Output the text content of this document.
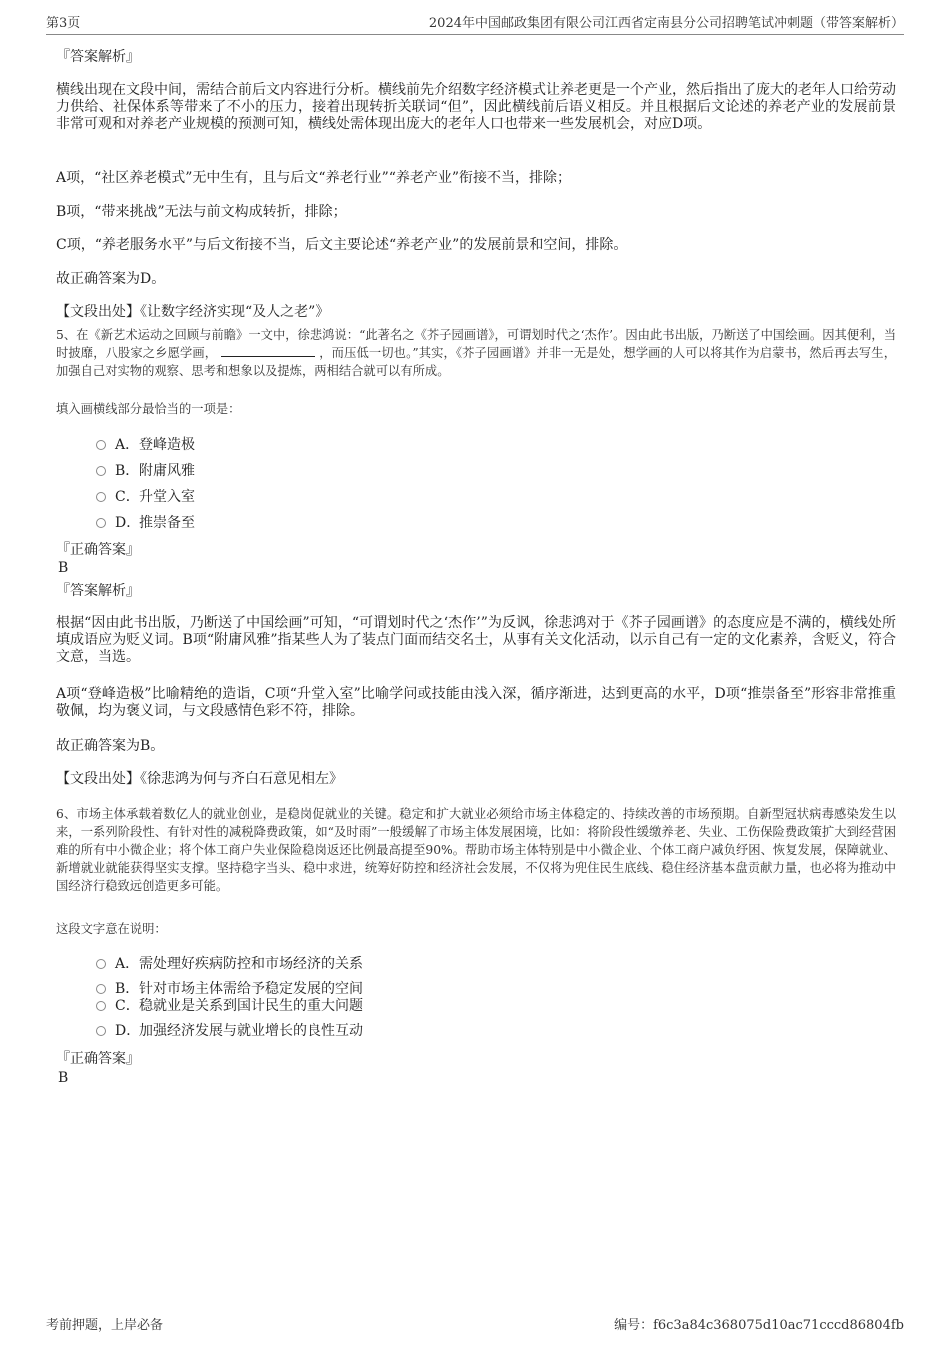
第3页	2024年中国邮政集团有限公司江西省定南县分公司招聘笔试冲刺题（带答案解析）
『答案解析』
横线出现在文段中间，需结合前后文内容进行分析。横线前先介绍数字经济模式让养老更是一个产业，然后指出了庞大的老年人口给劳动力供给、社保体系等带来了不小的压力，接着出现转折关联词“但”，因此横线前后语义相反。并且根据后文论述的养老产业的发展前景非常可观和对养老产业规模的预测可知，横线处需体现出庞大的老年人口也带来一些发展机会，对应D项。
A项，“社区养老模式”无中生有，且与后文“养老行业”“养老产业”衔接不当，排除；
B项，“带来挑战”无法与前文构成转折，排除；
C项，“养老服务水平”与后文衔接不当，后文主要论述“养老产业”的发展前景和空间，排除。
故正确答案为D。
【文段出处】《让数字经济实现“及人之老”》
5、在《新艺术运动之回顾与前瞻》一文中，徐悲鸿说：“此著名之《芥子园画谱》，可谓划时代之‘杰作’。因由此书出版，乃断送了中国绘画。因其便利，当时披靡，八股家之乡愿学画，	，而压低一切也。”其实，《芥子园画谱》并非一无是处，想学画的人可以将其作为启蒙书，然后再去写生，加强自己对实物的观察、思考和想象以及提炼，两相结合就可以有所成。
填入画横线部分最恰当的一项是：
A． 登峰造极
B． 附庸风雅
C． 升堂入室
D．
推崇备至
『正确答案』
B
『答案解析』
根据“因由此书出版，乃断送了中国绘画”可知，“可谓划时代之‘杰作’”为反讽，徐悲鸿对于《芥子园画谱》的态度应是不满的，横线处所填成语应为贬义词。B项“附庸风雅”指某些人为了装点门面而结交名士，从事有关文化活动，以示自己有一定的文化素养，含贬义，符合文意，当选。
A项“登峰造极”比喻精绝的造诣，C项“升堂入室”比喻学问或技能由浅入深，循序渐进，达到更高的水平，D项“推崇备至”形容非常推重敬佩，均为褒义词，与文段感情色彩不符，排除。
故正确答案为B。
【文段出处】《徐悲鸿为何与齐白石意见相左》
6、市场主体承载着数亿人的就业创业，是稳岗促就业的关键。稳定和扩大就业必须给市场主体稳定的、持续改善的市场预期。自新型冠状病毒感染发生以来，一系列阶段性、有针对性的减税降费政策，如“及时雨”一般缓解了市场主体发展困境，比如：将阶段性缓缴养老、失业、工伤保险费政策扩大到经营困难的所有中小微企业；将个体工商户失业保险稳岗返还比例最高提至90%。帮助市场主体特别是中小微企业、个体工商户减负纾困、恢复发展，保障就业、新增就业就能获得坚实支撑。坚持稳字当头、稳中求进，统筹好防控和经济社会发展，不仅将为兜住民生底线、稳住经济基本盘贡献力量，也必将为推动中国经济行稳致远创造更多可能。
这段文字意在说明：
A． 需处理好疾病防控和市场经济的关系
B． 针对市场主体需给予稳定发展的空间
C． 稳就业是关系到国计民生的重大问题
D．
加强经济发展与就业增长的良性互动
『正确答案』
B
考前押题，上岸必备	编号：f6c3a84c368075d10ac71cccd86804fb
